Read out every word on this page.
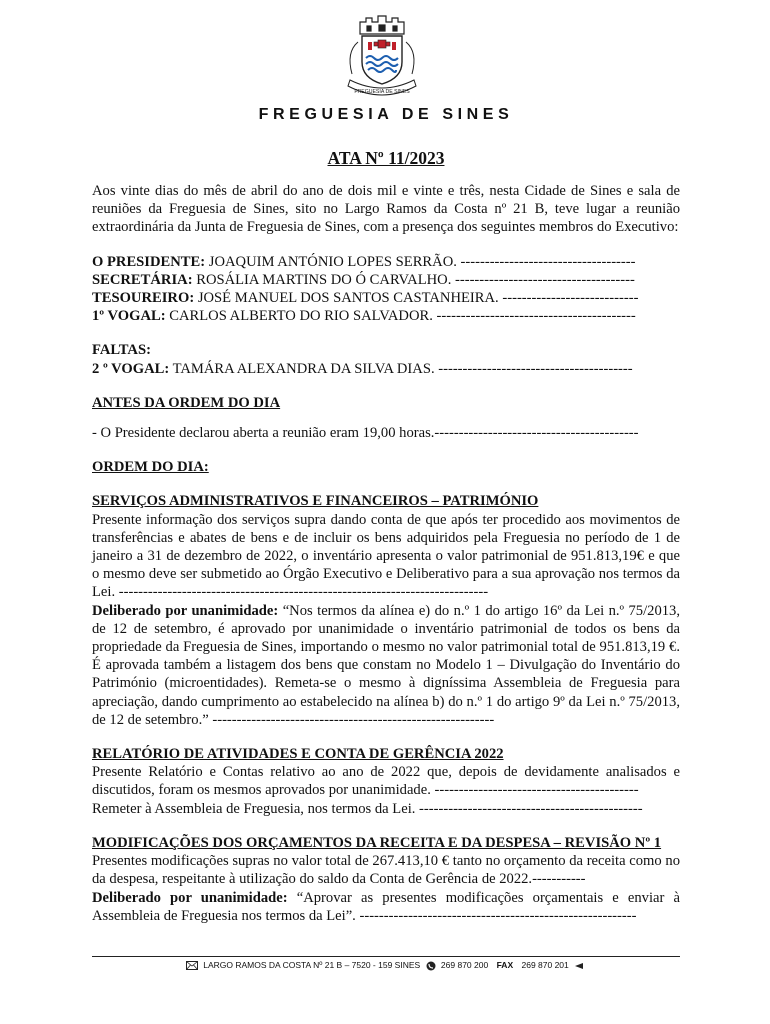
FREGUESIA DE SINES
FREGUESIA DE SINES
ATA Nº 11/2023

Aos vinte dias do mês de abril do ano de dois mil e vinte e três, nesta Cidade de Sines e sala de reuniões da Freguesia de Sines, sito no Largo Ramos da Costa nº 21 B, teve lugar a reunião extraordinária da Junta de Freguesia de Sines, com a presença dos seguintes membros do Executivo:

O PRESIDENTE: JOAQUIM ANTÓNIO LOPES SERRÃO. ------------------------------------
SECRETÁRIA: ROSÁLIA MARTINS DO Ó CARVALHO. -------------------------------------
TESOUREIRO: JOSÉ MANUEL DOS SANTOS CASTANHEIRA. ----------------------------
1º VOGAL: CARLOS ALBERTO DO RIO SALVADOR. -----------------------------------------
FALTAS:
2 º VOGAL: TAMÁRA ALEXANDRA DA SILVA DIAS. ----------------------------------------
ANTES DA ORDEM DO DIA
- O Presidente declarou aberta a reunião eram 19,00 horas.------------------------------------------
ORDEM DO DIA:
SERVIÇOS ADMINISTRATIVOS E FINANCEIROS – PATRIMÓNIO

Presente informação dos serviços supra dando conta de que após ter procedido aos movimentos de transferências e abates de bens e de incluir os bens adquiridos pela Freguesia no período de 1 de janeiro a 31 de dezembro de 2022, o inventário apresenta o valor patrimonial de 951.813,19€ e que o mesmo deve ser submetido ao Órgão Executivo e Deliberativo para a sua aprovação nos termos da Lei. ----------------------------------------------------------------------------

Deliberado por unanimidade: “Nos termos da alínea e) do n.º 1 do artigo 16º da Lei n.º 75/2013, de 12 de setembro, é aprovado por unanimidade o inventário patrimonial de todos os bens da propriedade da Freguesia de Sines, importando o mesmo no valor patrimonial total de 951.813,19 €. É aprovada também a listagem dos bens que constam no Modelo 1 – Divulgação do Inventário do Património (microentidades). Remeta-se o mesmo à digníssima Assembleia de Freguesia para apreciação, dando cumprimento ao estabelecido na alínea b) do n.º 1 do artigo 9º da Lei n.º 75/2013, de 12 de setembro.” ----------------------------------------------------------

RELATÓRIO DE ATIVIDADES E CONTA DE GERÊNCIA 2022

Presente Relatório e Contas relativo ao ano de 2022 que, depois de devidamente analisados e discutidos, foram os mesmos aprovados por unanimidade. ------------------------------------------

Remeter à Assembleia de Freguesia, nos termos da Lei. ----------------------------------------------

MODIFICAÇÕES DOS ORÇAMENTOS DA RECEITA E DA DESPESA – REVISÃO Nº 1

Presentes modificações supras no valor total de 267.413,10 € tanto no orçamento da receita como no da despesa, respeitante à utilização do saldo da Conta de Gerência de 2022.-----------

Deliberado por unanimidade: “Aprovar as presentes modificações orçamentais e enviar à Assembleia de Freguesia nos termos da Lei”. ---------------------------------------------------------

LARGO RAMOS DA COSTA Nº 21 B – 7520 - 159 SINES 269 870 200 FAX 269 870 201
